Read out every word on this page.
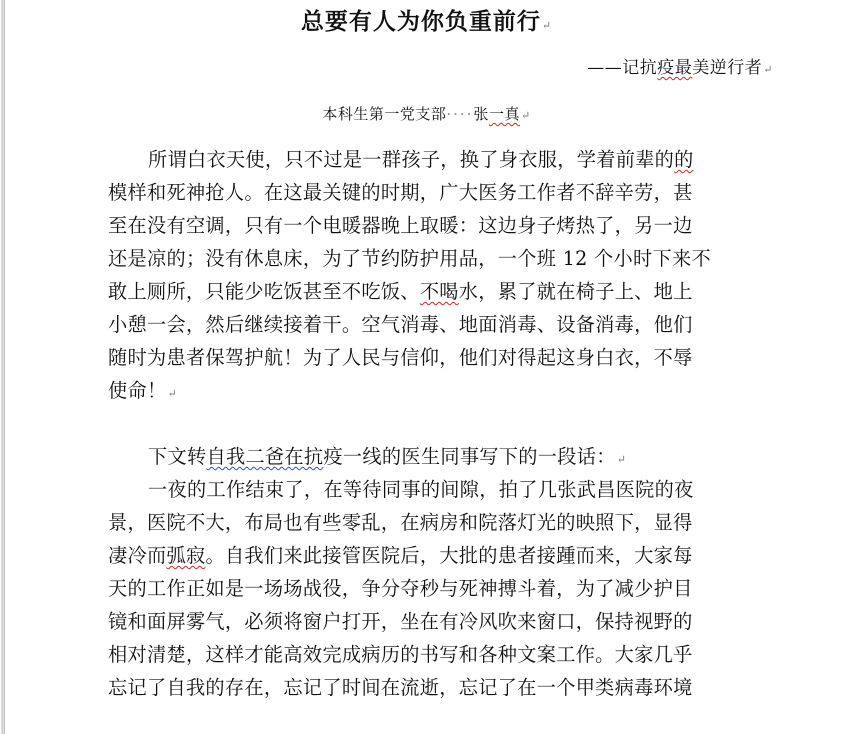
总要有人为你负重前行↵
——记抗疫最美逆行者↵
本科生第一党支部····张一真↵
所谓白衣天使，只不过是一群孩子，换了身衣服，学着前辈的的
模样和死神抢人。在这最关键的时期，广大医务工作者不辞辛劳，甚
至在没有空调，只有一个电暖器晚上取暖：这边身子烤热了，另一边
还是凉的；没有休息床，为了节约防护用品，一个班 12 个小时下来不
敢上厕所，只能少吃饭甚至不吃饭、不喝水，累了就在椅子上、地上
小憩一会，然后继续接着干。空气消毒、地面消毒、设备消毒，他们
随时为患者保驾护航！为了人民与信仰，他们对得起这身白衣，不辱
使命！↵
下文转自我二爸在抗疫一线的医生同事写下的一段话：↵
一夜的工作结束了，在等待同事的间隙，拍了几张武昌医院的夜
景，医院不大，布局也有些零乱，在病房和院落灯光的映照下，显得
凄冷而弧寂。自我们来此接管医院后，大批的患者接踵而来，大家每
天的工作正如是一场场战役，争分夺秒与死神搏斗着，为了减少护目
镜和面屏雾气，必须将窗户打开，坐在有冷风吹来窗口，保持视野的
相对清楚，这样才能高效完成病历的书写和各种文案工作。大家几乎
忘记了自我的存在，忘记了时间在流逝，忘记了在一个甲类病毒环境
